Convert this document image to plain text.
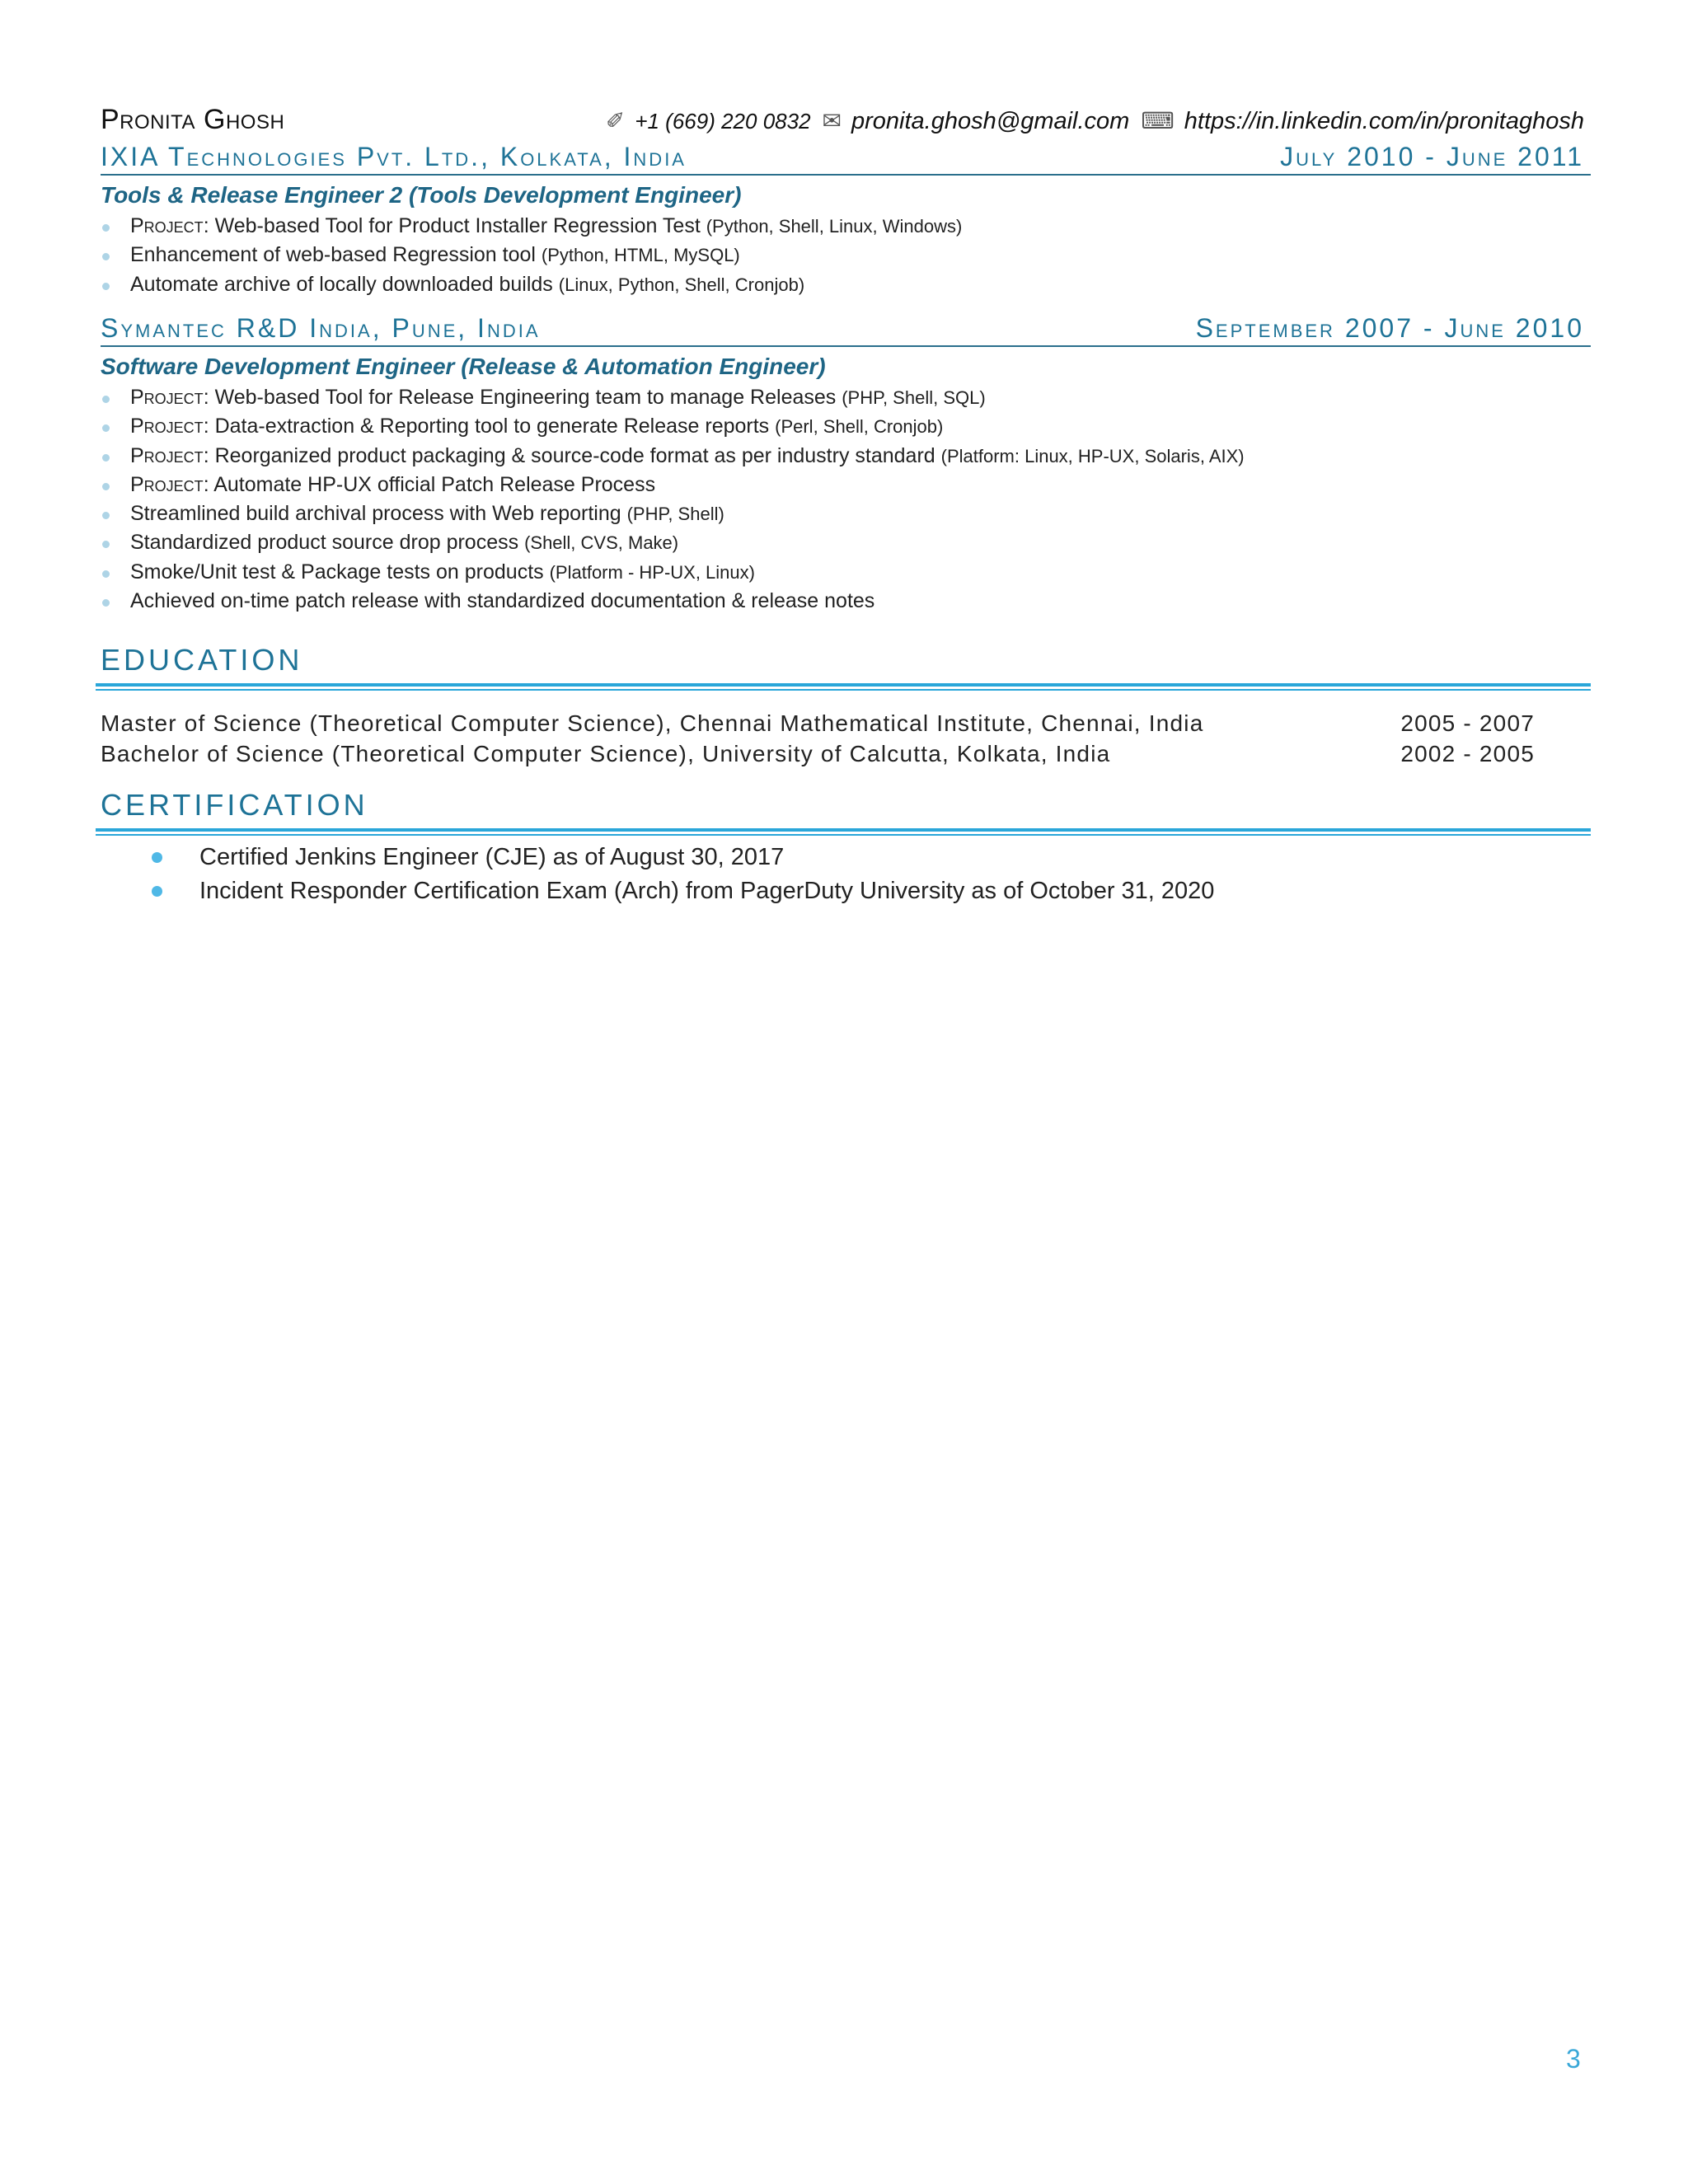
Pronita Ghosh	✐ +1 (669) 220 0832 ✉ pronita.ghosh@gmail.com ⌨ https://in.linkedin.com/in/pronitaghosh
IXIA Technologies Pvt. Ltd., Kolkata, India	July 2010 - June 2011
Tools & Release Engineer 2 (Tools Development Engineer)
Project: Web-based Tool for Product Installer Regression Test (Python, Shell, Linux, Windows)
Enhancement of web-based Regression tool (Python, HTML, MySQL)
Automate archive of locally downloaded builds (Linux, Python, Shell, Cronjob)
Symantec R&D India, Pune, India	September 2007 - June 2010
Software Development Engineer (Release & Automation Engineer)
Project: Web-based Tool for Release Engineering team to manage Releases (PHP, Shell, SQL)
Project: Data-extraction & Reporting tool to generate Release reports (Perl, Shell, Cronjob)
Project: Reorganized product packaging & source-code format as per industry standard (Platform: Linux, HP-UX, Solaris, AIX)
Project: Automate HP-UX official Patch Release Process
Streamlined build archival process with Web reporting (PHP, Shell)
Standardized product source drop process (Shell, CVS, Make)
Smoke/Unit test & Package tests on products (Platform - HP-UX, Linux)
Achieved on-time patch release with standardized documentation & release notes
EDUCATION
Master of Science (Theoretical Computer Science), Chennai Mathematical Institute, Chennai, India	2005 - 2007
Bachelor of Science (Theoretical Computer Science), University of Calcutta, Kolkata, India	2002 - 2005
CERTIFICATION
Certified Jenkins Engineer (CJE) as of August 30, 2017
Incident Responder Certification Exam (Arch) from PagerDuty University as of October 31, 2020
3
